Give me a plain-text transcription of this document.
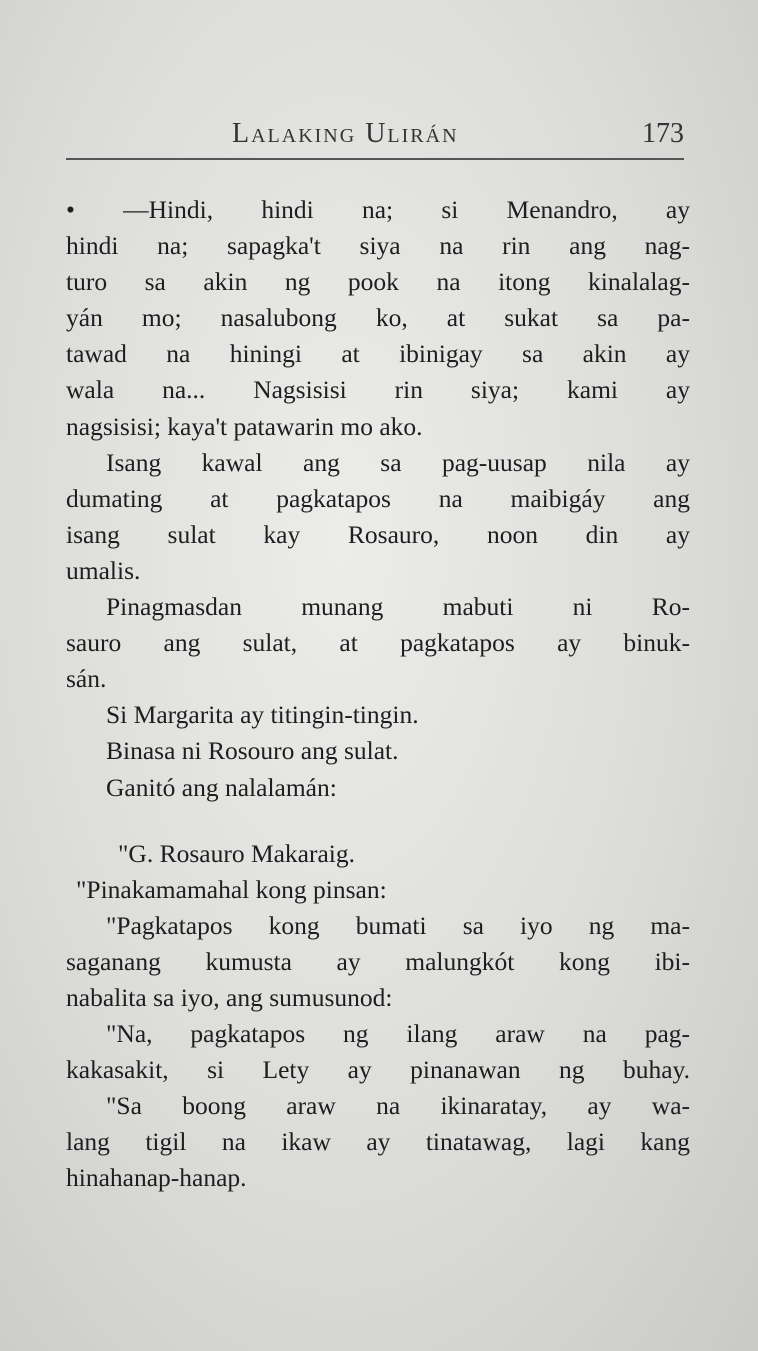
Lalaking Ulirán	173
• —Hindi, hindi na; si Menandro, ay
hindi na; sapagka't siya na rin ang nag-
turo sa akin ng pook na itong kinalalag-
yán mo; nasalubong ko, at sukat sa pa-
tawad na hiningi at ibinigay sa akin ay
wala na... Nagsisisi rin siya; kami ay
nagsisisi; kaya't patawarin mo ako.
Isang kawal ang sa pag-uusap nila ay
dumating at pagkatapos na maibigáy ang
isang sulat kay Rosauro, noon din ay
umalis.
Pinagmasdan munang mabuti ni Ro-
sauro ang sulat, at pagkatapos ay binuk-
sán.
Si Margarita ay titingin-tingin.
Binasa ni Rosouro ang sulat.
Ganitó ang nalalamán:
"G. Rosauro Makaraig.
"Pinakamamahal kong pinsan:
"Pagkatapos kong bumati sa iyo ng ma-
saganang kumusta ay malungkót kong ibi-
nabalita sa iyo, ang sumusunod:
"Na, pagkatapos ng ilang araw na pag-
kakasakit, si Lety ay pinanawan ng buhay.
"Sa boong araw na ikinaratay, ay wa-
lang tigil na ikaw ay tinatawag, lagi kang
hinahanap-hanap.
